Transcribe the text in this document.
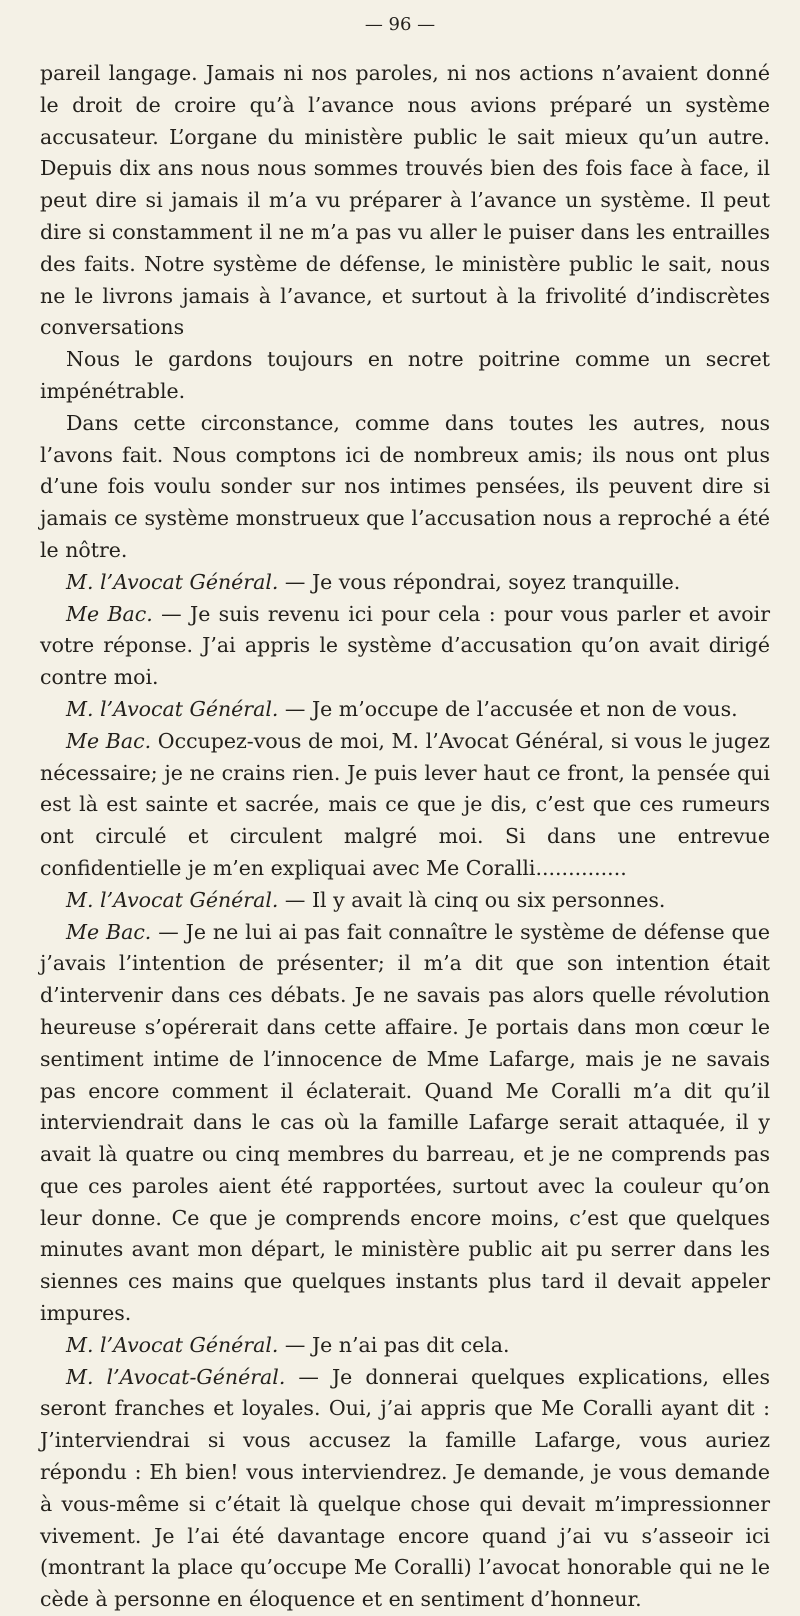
— 96 —

pareil langage. Jamais ni nos paroles, ni nos actions n’avaient donné le droit de croire qu’à l’avance nous avions préparé un système accusateur. L’organe du ministère public le sait mieux qu’un autre. Depuis dix ans nous nous sommes trouvés bien des fois face à face, il peut dire si jamais il m’a vu préparer à l’avance un système. Il peut dire si constamment il ne m’a pas vu aller le puiser dans les entrailles des faits. Notre système de défense, le ministère public le sait, nous ne le livrons jamais à l’avance, et surtout à la frivolité d’indiscrètes conversations

Nous le gardons toujours en notre poitrine comme un secret impénétrable.

Dans cette circonstance, comme dans toutes les autres, nous l’avons fait. Nous comptons ici de nombreux amis; ils nous ont plus d’une fois voulu sonder sur nos intimes pensées, ils peuvent dire si jamais ce système monstrueux que l’accusation nous a reproché a été le nôtre.

M. l’Avocat Général. — Je vous répondrai, soyez tranquille.

Me Bac. — Je suis revenu ici pour cela : pour vous parler et avoir votre réponse. J’ai appris le système d’accusation qu’on avait dirigé contre moi.

M. l’Avocat Général. — Je m’occupe de l’accusée et non de vous.

Me Bac. Occupez-vous de moi, M. l’Avocat Général, si vous le jugez nécessaire; je ne crains rien. Je puis lever haut ce front, la pensée qui est là est sainte et sacrée, mais ce que je dis, c’est que ces rumeurs ont circulé et circulent malgré moi. Si dans une entrevue confidentielle je m’en expliquai avec Me Coralli..............

M. l’Avocat Général. — Il y avait là cinq ou six personnes.

Me Bac. — Je ne lui ai pas fait connaître le système de défense que j’avais l’intention de présenter; il m’a dit que son intention était d’intervenir dans ces débats. Je ne savais pas alors quelle révolution heureuse s’opérerait dans cette affaire. Je portais dans mon cœur le sentiment intime de l’innocence de Mme Lafarge, mais je ne savais pas encore comment il éclaterait. Quand Me Coralli m’a dit qu’il interviendrait dans le cas où la famille Lafarge serait attaquée, il y avait là quatre ou cinq membres du barreau, et je ne comprends pas que ces paroles aient été rapportées, surtout avec la couleur qu’on leur donne. Ce que je comprends encore moins, c’est que quelques minutes avant mon départ, le ministère public ait pu serrer dans les siennes ces mains que quelques instants plus tard il devait appeler impures.

M. l’Avocat Général. — Je n’ai pas dit cela.

M. l’Avocat-Général. — Je donnerai quelques explications, elles seront franches et loyales. Oui, j’ai appris que Me Coralli ayant dit : J’interviendrai si vous accusez la famille Lafarge, vous auriez répondu : Eh bien! vous interviendrez. Je demande, je vous demande à vous-même si c’était là quelque chose qui devait m’impressionner vivement. Je l’ai été davantage encore quand j’ai vu s’asseoir ici (montrant la place qu’occupe Me Coralli) l’avocat honorable qui ne le cède à personne en éloquence et en sentiment d’honneur.
